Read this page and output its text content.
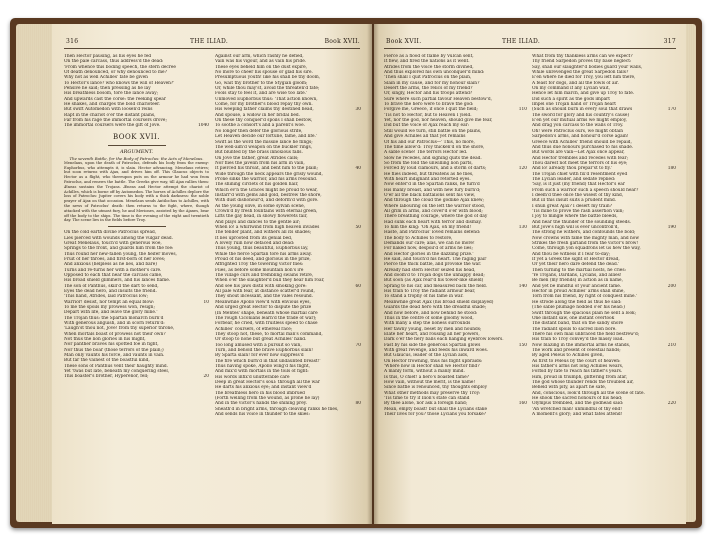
316	THE ILIAD.	Book XVII.
Then Hector pausing, as his eyes he fed
On the pale carcass, thus address'd the dead:
'From whence this boding speech, the stern decree
Of death denounced, or why denounced to me?
Why not as well Achilles' fate be given
To Hector's lance? who knows the will of Heaven?'
Pensive he said; then pressing as he lay
His breathless bosom, tore the lance away;
And upwards cast the corse: the reeking spear
He shakes, and charges the bold charioteer.
But swift Automedon with loosen'd reins
Rapt in the chariot o'er the distant plains,
Far from his rage the immortal coursers drove;
The immortal coursers were the gift of Jove.	1040
BOOK XVII.
ARGUMENT.
The seventh Battle, for the Body of Patroclus: the Acts of Menelaus.
Menelaus, upon the death of Patroclus, defends his body from the enemy: Euphorbus, who attempts it, is slain. Hector advancing, Menelaus retires; but soon returns with Ajax, and drives him off. This Glaucus objects to Hector as a flight, who thereupon puts on the armour he had won from Patroclus, and renews the battle. The Greeks give way, till Ajax rallies them: Æneas sustains the Trojans. Æneas and Hector attempt the chariot of Achilles, which is borne off by Automedon. The horses of Achilles deplore the loss of Patroclus: Jupiter covers his body with a thick darkness: the noble prayer of Ajax on that occasion. Menelaus sends Antilochus to Achilles, with the news of Patroclus' death: then returns to the fight, where, though attacked with the utmost fury, he and Meriones, assisted by the Ajaxes, bear off the body to the ships. The time is the evening of the eight and twentieth day. The scene lies in the fields before Troy.
On the cold earth divine Patroclus spread,
Lies pierced with wounds among the vulgar dead.
Great Menelaus, touch'd with generous woe,
Springs to the front, and guards him from the foe:
Thus round her new-fallen young, the heifer moves,
Fruit of her throes, and first-born of her loves;
And anxious (helpless as he lies, and bare)
Turns and re-turns her with a mother's care.
Opposed to each that near the carcass came,
His broad shield glimmers, and his lances flame.
The son of Panthus, skill'd the dart to send,
Eyes the dead hero, and insults the friend.
'This hand, Atrides, laid Patroclus low;
Warrior! desist, nor tempt an equal blow:	10
To me the spoils my prowess won, resign;
Depart with life, and leave the glory mine.'
The Trojan thus: the Spartan monarch burn'd
With generous anguish, and in scorn return'd:
'Laugh'st thou not, Jove! from thy superior throne,
When mortals boast of prowess not their own?
Not thus the lion glories in his might,
Nor panther braves his spotted foe in fight,
Nor thus the boar (those terrors of the plain;)
Man only vaunts his force, and vaunts in vain.
But far the vainest of the boastful kind,
These sons of Panthus vent their haughty mind.
Yet 'twas but late, beneath my conquering steel,
This boaster's brother, Hyperenor, fell;	20
Against our arm, which rashly he defied,
Vain was his vigour, and as vain his pride.
These eyes beheld him on the dust expire,
No more to cheer his spouse or glad his sire.
Presumptuous youth! like his shall be thy doom,
Go, wait thy brother to the Stygian gloom;
Or, while thou may'st, avoid the threaten'd fate;
Fools stay to feel it, and are wise too late.'
Unmoved Euphorbus thus: 'That action known,
Come, for my brother's blood repay thy own.
His weeping father claims thy destined head,	30
And spouse, a widow in her bridal bed.
On these thy conquer'd spoils I shall bestow,
To soothe a consort's and a parent's woe.
No longer then defer the glorious strife,
Let Heaven decide our fortune, fame, and life.'
Swift as the word the missile lance he flings;
The well-aim'd weapon on the buckler rings,
But blunted by the brass innoxious falls.
On Jove the father, great Atrides calls;
Nor flies the javelin from his arm in vain,
It pierced his throat, and bent him to the plain;	40
Wide through the neck appears the grisly wound,
Prone sinks the warrior, and his arms resound.
The shining circlets of his golden hair,
Which ev'n the Graces might be proud to wear,
Instarr'd with gems and gold, bestrew the shore,
With dust dishonour'd, and deform'd with gore.
As the young olive, in some sylvan scene,
Crown'd by fresh fountains with eternal green,
Lifts the gay head, in snowy flowerets fair,
And plays and dances to the gentle air;
When lo! a whirlwind from high heaven invades	50
The tender plant, and withers all its shades;
It lies uprooted from its genial bed,
A lovely ruin now defaced and dead:
Thus young, thus beautiful, Euphorbus lay,
While the fierce Spartan tore his arms away.
Proud of his deed, and glorious in the prize,
Affrighted Troy the towering victor flies:
Flies, as before some mountain lion's ire
The village curs and trembling swains retire,
When o'er the slaughter'd bull they hear him roar,
And see his jaws distil with smoking gore:	60
All pale with fear, at distance scatter'd round,
They shout incessant, and the vales resound.
Meanwhile Apollo view'd with envious eyes,
And urged great Hector to dispute the prize
(In Mentes' shape, beneath whose martial care
The rough Ciconians learn'd the trade of war);
Forbear, he cried, with fruitless speed to chase
Achilles' coursers, of ethereal race;
They stoop not, these, to mortal man's command,
Or stoop to none but great Achilles' hand.
Too long amused with a pursuit so vain,	70
Turn, and behold the brave Euphorbus slain!
By Sparta slain! for ever now suppress'd
The fire which burn'd in that undaunted breast!'
Thus having spoke, Apollo wing'd his flight,
And mix'd with mortals in the toils of fight:
His words infix'd unutterable care
Deep in great Hector's soul: through all the war
He darts his anxious eye; and instant view'd
The breathless hero in his blood imbrued
(Forth welling from the wound, as prone he lay)
And in the victor's hands the shining prey.	80
Sheath'd in bright arms, through cleaving ranks he flies,
And sends his voice in thunder to the skies:
Book XVII.	THE ILIAD.	317
Fierce as a flood of flame by Vulcan sent,
It flew, and fired the nations as it went.
Atrides from the voice the storm divined,
And thus explored his own unconquer'd mind:
'Then shall I quit Patroclus on the plain,
Slain in my cause, and for my honour slain?
Desert the arms, the relics of my friend?
Or, singly, Hector and his troops attend?
Sure where such partial favour Heaven bestow'd,
To brave the hero were to brave the god:
Forgive me, Greece, if once I quit the field;	110
'Tis not to Hector, but to Heaven I yield.
Yet, nor the god, nor heaven, should give me fear,
Did but the voice of Ajax reach my ear:
Still would we turn, still battle on the plains,
And give Achilles all that yet remains
Of his and our Patroclus—' This, no more,
The time allow'd: Troy thicken'd on the shore,
A sable scene! The terrors Hector led.
Slow he recedes, and sighing quits the dead.
So from the fold the unwilling lion parts,
Forced by loud clamours, and a storm of darts;	120
He flies indeed, but threatens as he flies,
With heart indignant and retorted eyes.
Now enter'd in the Spartan ranks, he turn'd
His manly breast, and with new fury burn'd;
O'er all the black battalions sent his view,
And through the cloud the godlike Ajax knew;
Where labouring on the left the warrior stood,
All grim in arms, and cover'd o'er with blood;
There breathing courage, where the god of day
Had sunk each heart with terror and dismay.
To him the king: 'Oh Ajax, oh my friend!	130
Haste, and Patroclus' loved remains defend:
The body to Achilles to restore,
Demands our care; alas, we can no more!
For naked now, despoil'd of arms he lies;
And Hector glories in the dazzling prize.'
He said, and touch'd his heart. The raging pair
Pierce the thick battle, and provoke the war.
Already had stern Hector seized his head,
And doom'd to Trojan dogs the unhappy dead;
But soon (as Ajax rear'd his tower-like shield)
Sprang to his car, and measured back the field.	140
His train to Troy the radiant armour bear,
To stand a trophy of his fame in war.
Meanwhile great Ajax (his broad shield displayed)
Guards the dead hero with the dreadful shade;
And now before, and now behind he stood:
Thus in the centre of some gloomy wood,
With many a step the lioness surrounds
Her tawny young, beset by men and hounds;
Elate her heart, and rousing all her powers,
Dark o'er the fiery balls each hanging eyebrow lowers.
Fast by his side the generous Spartan glows	150
With great revenge, and feeds his inward woes.
But Glaucus, leader of the Lycian aids,
On Hector frowning, thus his flight upbraids:
'Where now in Hector shall we Hector find?
A manly form, without a manly mind.
Is this, O chief! a hero's boasted fame?
How vain, without the merit, is the name!
Since battle is renounced, thy thoughts employ
What other methods may preserve thy Troy:
'Tis time to try if Ilion's state can stand
By thee alone, nor ask a foreign hand;	160
Mean, empty boast! but shall the Lycians stake
Their lives for you? those Lycians you forsake?
What from thy thankless arms can we expect?
Thy friend Sarpedon proves thy base neglect:
Say, shall our slaughter'd bodies guard your walls,
While unrevenged the great Sarpedon falls?
E'en where he died for Troy, you left him there,
A feast for dogs, and all the fowls of air.
On my command if any Lycian wait,
Hence let him march, and give up Troy to fate.
Did such a spirit as the gods impart
Impel one Trojan hand or Trojan heart
(Such as should burn in every soul that draws	170
The sword for glory and his country's cause)
E'en yet our mutual arms we might employ,
And drag yon carcass to the walls of Troy.
Oh! were Patroclus ours, we might obtain
Sarpedon's arms, and honour'd corse again!
Greece with Achilles' friend should be repaid,
And thus due honours purchased to his shade.
But words are vain—Let Ajax once appear,
And Hector trembles and recedes with fear;
Thou darest not meet the terrors of his eye;
And lo! already thou prepar'st to fly.'	180
The Trojan chief with fix'd resentment eyed
The Lycian leader, and sedate replied:
'Say, is it just (my friend) that Hector's ear
From such a warrior such a speech should hear?
I deem'd thee once the wisest of thy kind,
But ill this insult suits a prudent mind.
I shun great Ajax? I desert my train?
'Tis mine to prove the rash assertion vain;
I joy to mingle where the battle bleeds,
And hear the thunder of the sounding steeds.
But Jove's high will is ever uncontroll'd,	190
The strong he withers, and confounds the bold;
Now crowns with fame the mighty man, and now
Strikes the fresh garland from the victor's brow!
Come, through yon squadrons let us hew the way,
And thou be witness if I fear to-day;
If yet a Greek the sight of Hector dread,
Or yet their hero dare defend the dead.'
Then turning to the martial hosts, he cries:
'Ye Trojans, Dardans, Lycians, and allies!
Be men (my friends) in action as in name,
And yet be mindful of your ancient fame.	200
Hector in proud Achilles' arms shall shine,
Torn from his friend, by right of conquest mine.'
He strode along the field as thus he said:
(The sable plumage nodded o'er his head:)
Swift through the spacious plain he sent a look;
One instant saw, one instant overtook
The distant band, that on the sandy shore
The radiant spoils to sacred Ilion bore.
There his own mail unbraced the field bestrew'd;
His train to Troy convey'd the massy load.
Now blazing in the immortal arms he stands,	210
The work and present of celestial hands;
By aged Peleus to Achilles given,
As first to Peleus by the court of heaven:
His father's arms not long Achilles wears,
Forbid by fate to reach his father's years.
Him, proud in triumph, glittering from afar,
The god whose thunder rends the troubled air,
Beheld with pity, as apart he sate,
And, conscious, look'd through all the scene of fate.
He shook the sacred honours of his head;
Olympus trembled, and the godhead said:	220
'Ah wretched man! unmindful of thy end!
A moment's glory; and what fates attend!
